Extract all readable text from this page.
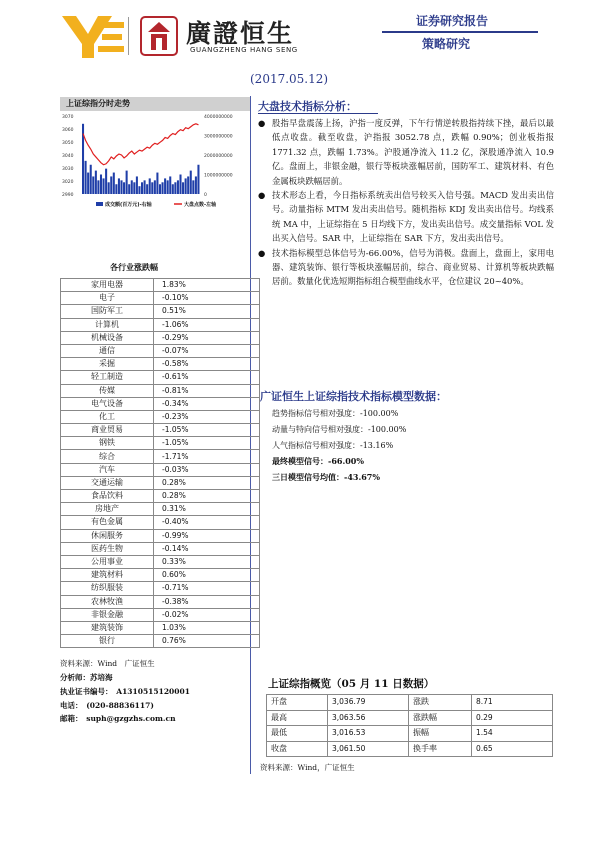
廣證恒生
GUANGZHENG HANG SENG
证券研究报告
策略研究
(2017.05.12)
上证综指分时走势
3070
3060
3050
3040
3030
3020
2990
4000000000
3000000000
2000000000
1000000000
0
成交额(百万元)-右轴	大盘点数-左轴
各行业涨跌幅
家用电器	1.83%
电子	-0.10%
国防军工	0.51%
计算机	-1.06%
机械设备	-0.29%
通信	-0.07%
采掘	-0.58%
轻工制造	-0.61%
传媒	-0.81%
电气设备	-0.34%
化工	-0.23%
商业贸易	-1.05%
钢铁	-1.05%
综合	-1.71%
汽车	-0.03%
交通运输	0.28%
食品饮料	0.28%
房地产	0.31%
有色金属	-0.40%
休闲服务	-0.99%
医药生物	-0.14%
公用事业	0.33%
建筑材料	0.60%
纺织服装	-0.71%
农林牧渔	-0.38%
非银金融	-0.02%
建筑装饰	1.03%
银行	0.76%
资料来源：Wind　广证恒生
分析师：苏培海
执业证书编号：　A1310515120001
电话：　(020-88836117)
邮箱：　suph@gzgzhs.com.cn
大盘技术指标分析：
● 股指早盘震荡上扬，沪指一度反弹，下午行情逆转股指持续下挫，最后以最低点收盘。截至收盘，沪指报 3052.78 点，跌幅 0.90%；创业板指报 1771.32 点，跌幅 1.73%。沪股通净流入 11.2 亿，深股通净流入 10.9 亿。盘面上，非银金融，银行等板块涨幅居前，国防军工、建筑材料、有色金属板块跌幅居前。
● 技术形态上看，今日指标系统卖出信号较买入信号强。MACD 发出卖出信号。动量指标 MTM 发出卖出信号。随机指标 KDJ 发出卖出信号。均线系统 MA 中，上证综指在 5 日均线下方，发出卖出信号。成交量指标 VOL 发出买入信号。SAR 中，上证综指在 SAR 下方，发出卖出信号。
● 技术指标模型总体信号为-66.00%，信号为消极。盘面上，盘面上，家用电器、建筑装饰、银行等板块涨幅居前，综合、商业贸易、计算机等板块跌幅居前。数量化优选短期指标组合模型曲线水平，仓位建议 20~40%。
广证恒生上证综指技术指标模型数据：
趋势指标信号相对强度：-100.00%
动量与特向信号相对强度：-100.00%
人气指标信号相对强度：-13.16%
最终模型信号：-66.00%
三日模型信号均值：-43.67%
上证综指概览（05 月 11 日数据）
开盘	3,036.79	涨跌	8.71
最高	3,063.56	涨跌幅	0.29
最低	3,016.53	振幅	1.54
收盘	3,061.50	换手率	0.65
资料来源：Wind，广证恒生
